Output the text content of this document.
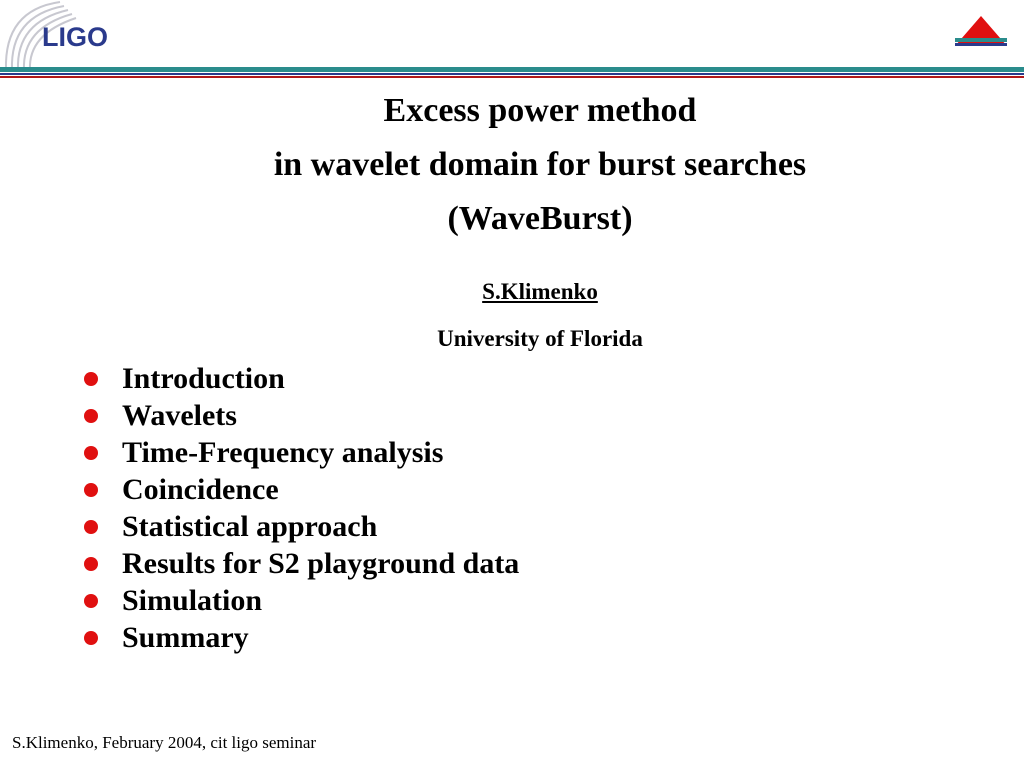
LIGO
Excess power method
in wavelet domain for burst searches
(WaveBurst)
S.Klimenko
University of Florida
Introduction
Wavelets
Time-Frequency analysis
Coincidence
Statistical approach
Results for S2 playground data
Simulation
Summary
S.Klimenko, February 2004, cit ligo seminar
